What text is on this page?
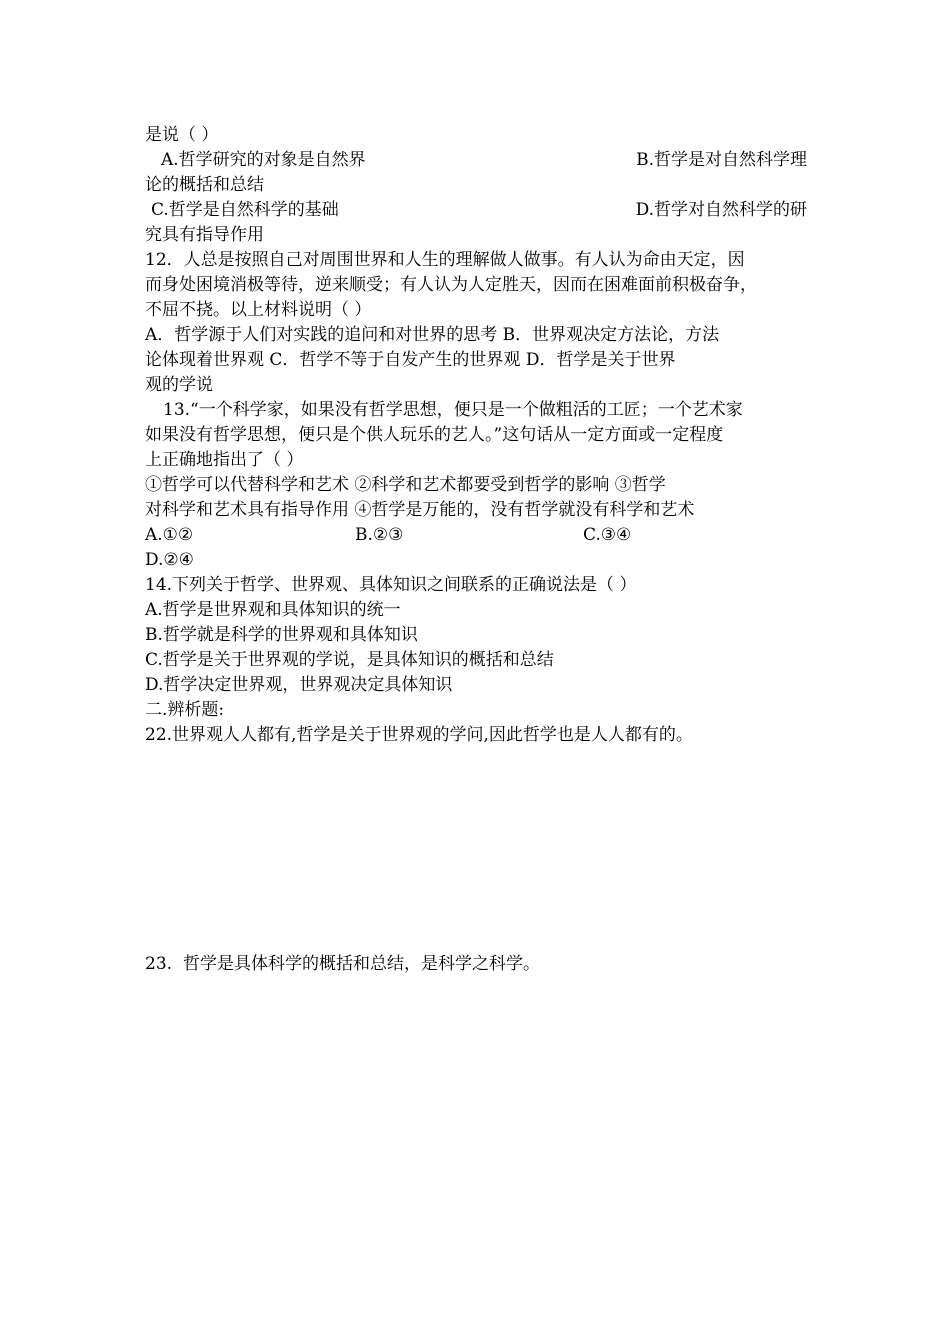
是说（ ）
A.哲学研究的对象是自然界	B.哲学是对自然科学理
论的概括和总结
C.哲学是自然科学的基础	D.哲学对自然科学的研
究具有指导作用
12．人总是按照自己对周围世界和人生的理解做人做事。有人认为命由天定，因
而身处困境消极等待，逆来顺受；有人认为人定胜天，因而在困难面前积极奋争，
不屈不挠。以上材料说明（ ）
A．哲学源于人们对实践的追问和对世界的思考 B．世界观决定方法论，方法
论体现着世界观 C．哲学不等于自发产生的世界观 D．哲学是关于世界
观的学说
13.“一个科学家，如果没有哲学思想，便只是一个做粗活的工匠；一个艺术家
如果没有哲学思想，便只是个供人玩乐的艺人。”这句话从一定方面或一定程度
上正确地指出了（ ）
①哲学可以代替科学和艺术 ②科学和艺术都要受到哲学的影响 ③哲学
对科学和艺术具有指导作用 ④哲学是万能的，没有哲学就没有科学和艺术
A.①②	B.②③	C.③④
D.②④
14.下列关于哲学、世界观、具体知识之间联系的正确说法是（ ）
A.哲学是世界观和具体知识的统一
B.哲学就是科学的世界观和具体知识
C.哲学是关于世界观的学说，是具体知识的概括和总结
D.哲学决定世界观，世界观决定具体知识
二.辨析题:
22.世界观人人都有,哲学是关于世界观的学问,因此哲学也是人人都有的。
23. 哲学是具体科学的概括和总结，是科学之科学。
